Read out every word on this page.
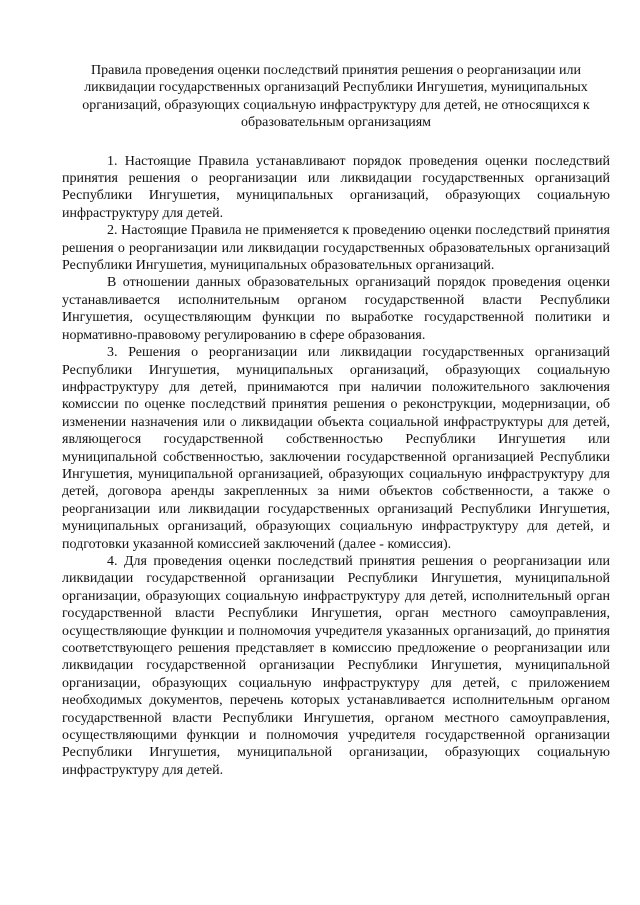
Правила проведения оценки последствий принятия решения о реорганизации или ликвидации государственных организаций Республики Ингушетия, муниципальных организаций, образующих социальную инфраструктуру для детей, не относящихся к образовательным организациям

1. Настоящие Правила устанавливают порядок проведения оценки последствий принятия решения о реорганизации или ликвидации государственных организаций Республики Ингушетия, муниципальных организаций, образующих социальную инфраструктуру для детей.

2. Настоящие Правила не применяется к проведению оценки последствий принятия решения о реорганизации или ликвидации государственных образовательных организаций Республики Ингушетия, муниципальных образовательных организаций.

В отношении данных образовательных организаций порядок проведения оценки устанавливается исполнительным органом государственной власти Республики Ингушетия, осуществляющим функции по выработке государственной политики и нормативно-правовому регулированию в сфере образования.

3. Решения о реорганизации или ликвидации государственных организаций Республики Ингушетия, муниципальных организаций, образующих социальную инфраструктуру для детей, принимаются при наличии положительного заключения комиссии по оценке последствий принятия решения о реконструкции, модернизации, об изменении назначения или о ликвидации объекта социальной инфраструктуры для детей, являющегося государственной собственностью Республики Ингушетия или муниципальной собственностью, заключении государственной организацией Республики Ингушетия, муниципальной организацией, образующих социальную инфраструктуру для детей, договора аренды закрепленных за ними объектов собственности, а также о реорганизации или ликвидации государственных организаций Республики Ингушетия, муниципальных организаций, образующих социальную инфраструктуру для детей, и подготовки указанной комиссией заключений (далее - комиссия).

4. Для проведения оценки последствий принятия решения о реорганизации или ликвидации государственной организации Республики Ингушетия, муниципальной организации, образующих социальную инфраструктуру для детей, исполнительный орган государственной власти Республики Ингушетия, орган местного самоуправления, осуществляющие функции и полномочия учредителя указанных организаций, до принятия соответствующего решения представляет в комиссию предложение о реорганизации или ликвидации государственной организации Республики Ингушетия, муниципальной организации, образующих социальную инфраструктуру для детей, с приложением необходимых документов, перечень которых устанавливается исполнительным органом государственной власти Республики Ингушетия, органом местного самоуправления, осуществляющими функции и полномочия учредителя государственной организации Республики Ингушетия, муниципальной организации, образующих социальную инфраструктуру для детей.
